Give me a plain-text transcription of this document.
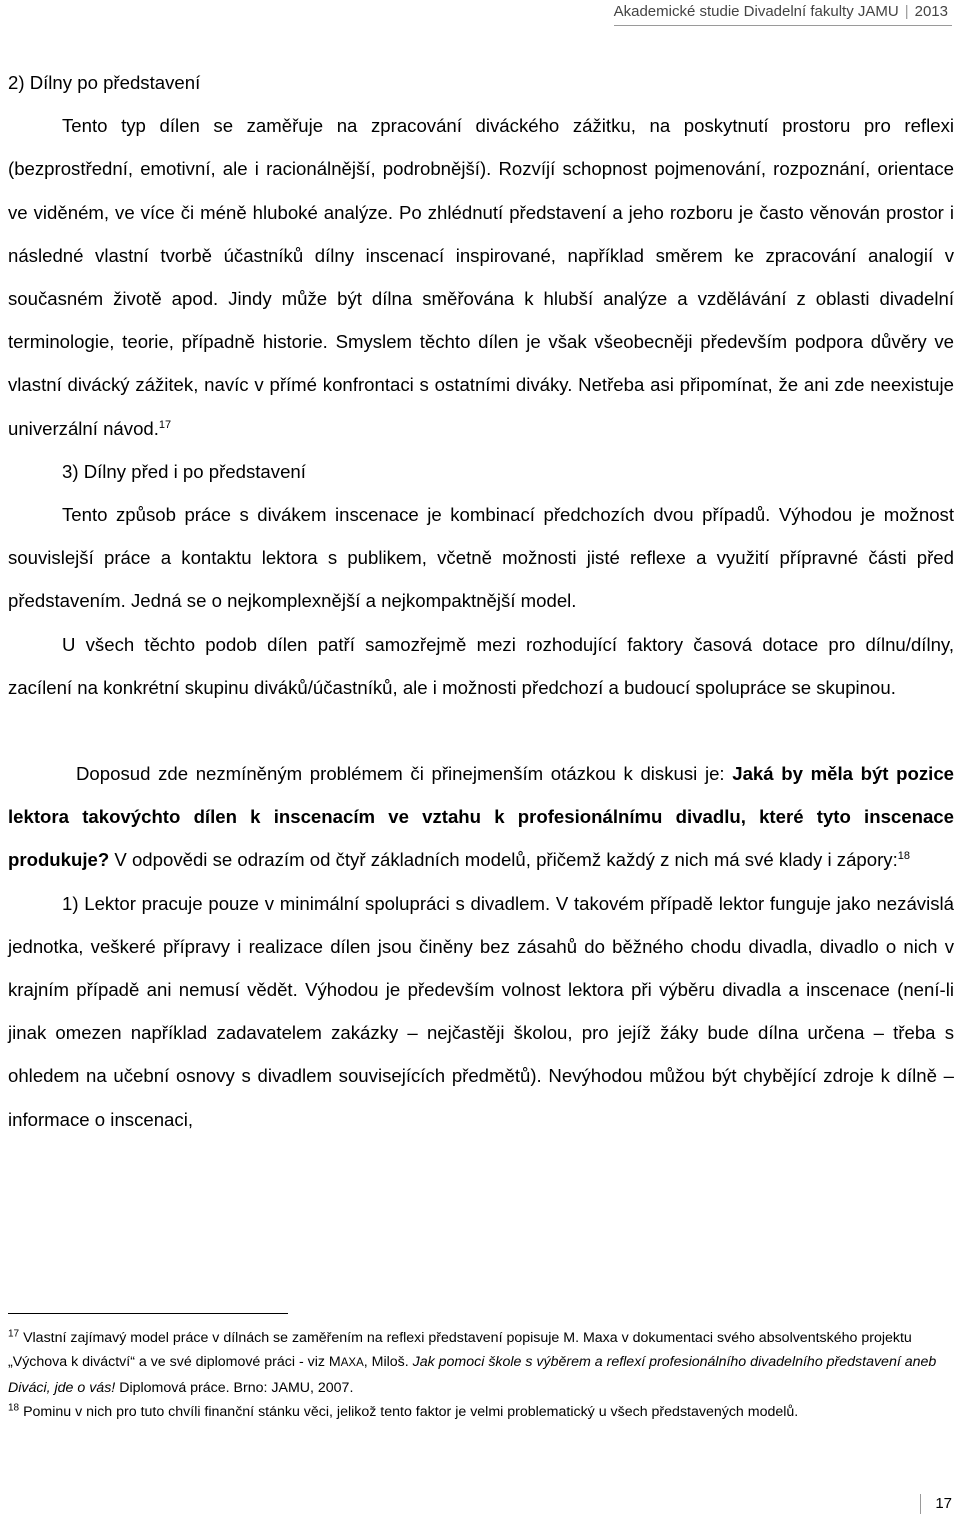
Akademické studie Divadelní fakulty JAMU | 2013

2) Dílny po představení

Tento typ dílen se zaměřuje na zpracování diváckého zážitku, na poskytnutí prostoru pro reflexi (bezprostřední, emotivní, ale i racionálnější, podrobnější). Rozvíjí schopnost pojmenování, rozpoznání, orientace ve viděném, ve více či méně hluboké analýze. Po zhlédnutí představení a jeho rozboru je často věnován prostor i následné vlastní tvorbě účastníků dílny inscenací inspirované, například směrem ke zpracování analogií v současném životě apod. Jindy může být dílna směřována k hlubší analýze a vzdělávání z oblasti divadelní terminologie, teorie, případně historie. Smyslem těchto dílen je však všeobecněji především podpora důvěry ve vlastní divácký zážitek, navíc v přímé konfrontaci s ostatními diváky. Netřeba asi připomínat, že ani zde neexistuje univerzální návod.$^{17}$

3) Dílny před i po představení

Tento způsob práce s divákem inscenace je kombinací předchozích dvou případů. Výhodou je možnost souvislejší práce a kontaktu lektora s publikem, včetně možnosti jisté reflexe a využití přípravné části před představením. Jedná se o nejkomplexnější a nejkompaktnější model.

U všech těchto podob dílen patří samozřejmě mezi rozhodující faktory časová dotace pro dílnu/dílny, zacílení na konkrétní skupinu diváků/účastníků, ale i možnosti předchozí a budoucí spolupráce se skupinou.

Doposud zde nezmíněným problémem či přinejmenším otázkou k diskusi je: Jaká by měla být pozice lektora takovýchto dílen k inscenacím ve vztahu k profesionálnímu divadlu, které tyto inscenace produkuje? V odpovědi se odrazím od čtyř základních modelů, přičemž každý z nich má své klady i zápory:$^{18}$

1) Lektor pracuje pouze v minimální spolupráci s divadlem. V takovém případě lektor funguje jako nezávislá jednotka, veškeré přípravy i realizace dílen jsou činěny bez zásahů do běžného chodu divadla, divadlo o nich v krajním případě ani nemusí vědět. Výhodou je především volnost lektora při výběru divadla a inscenace (není-li jinak omezen například zadavatelem zakázky – nejčastěji školou, pro jejíž žáky bude dílna určena – třeba s ohledem na učební osnovy s divadlem souvisejících předmětů). Nevýhodou můžou být chybějící zdroje k dílně – informace o inscenaci,

$^{17}$ Vlastní zajímavý model práce v dílnách se zaměřením na reflexi představení popisuje M. Maxa v dokumentaci svého absolventského projektu „Výchova k diváctví“ a ve své diplomové práci - viz MAXA, Miloš. Jak pomoci škole s výběrem a reflexí profesionálního divadelního představení aneb Diváci, jde o vás! Diplomová práce. Brno: JAMU, 2007.

$^{18}$ Pominu v nich pro tuto chvíli finanční stánku věci, jelikož tento faktor je velmi problematický u všech představených modelů.

17
